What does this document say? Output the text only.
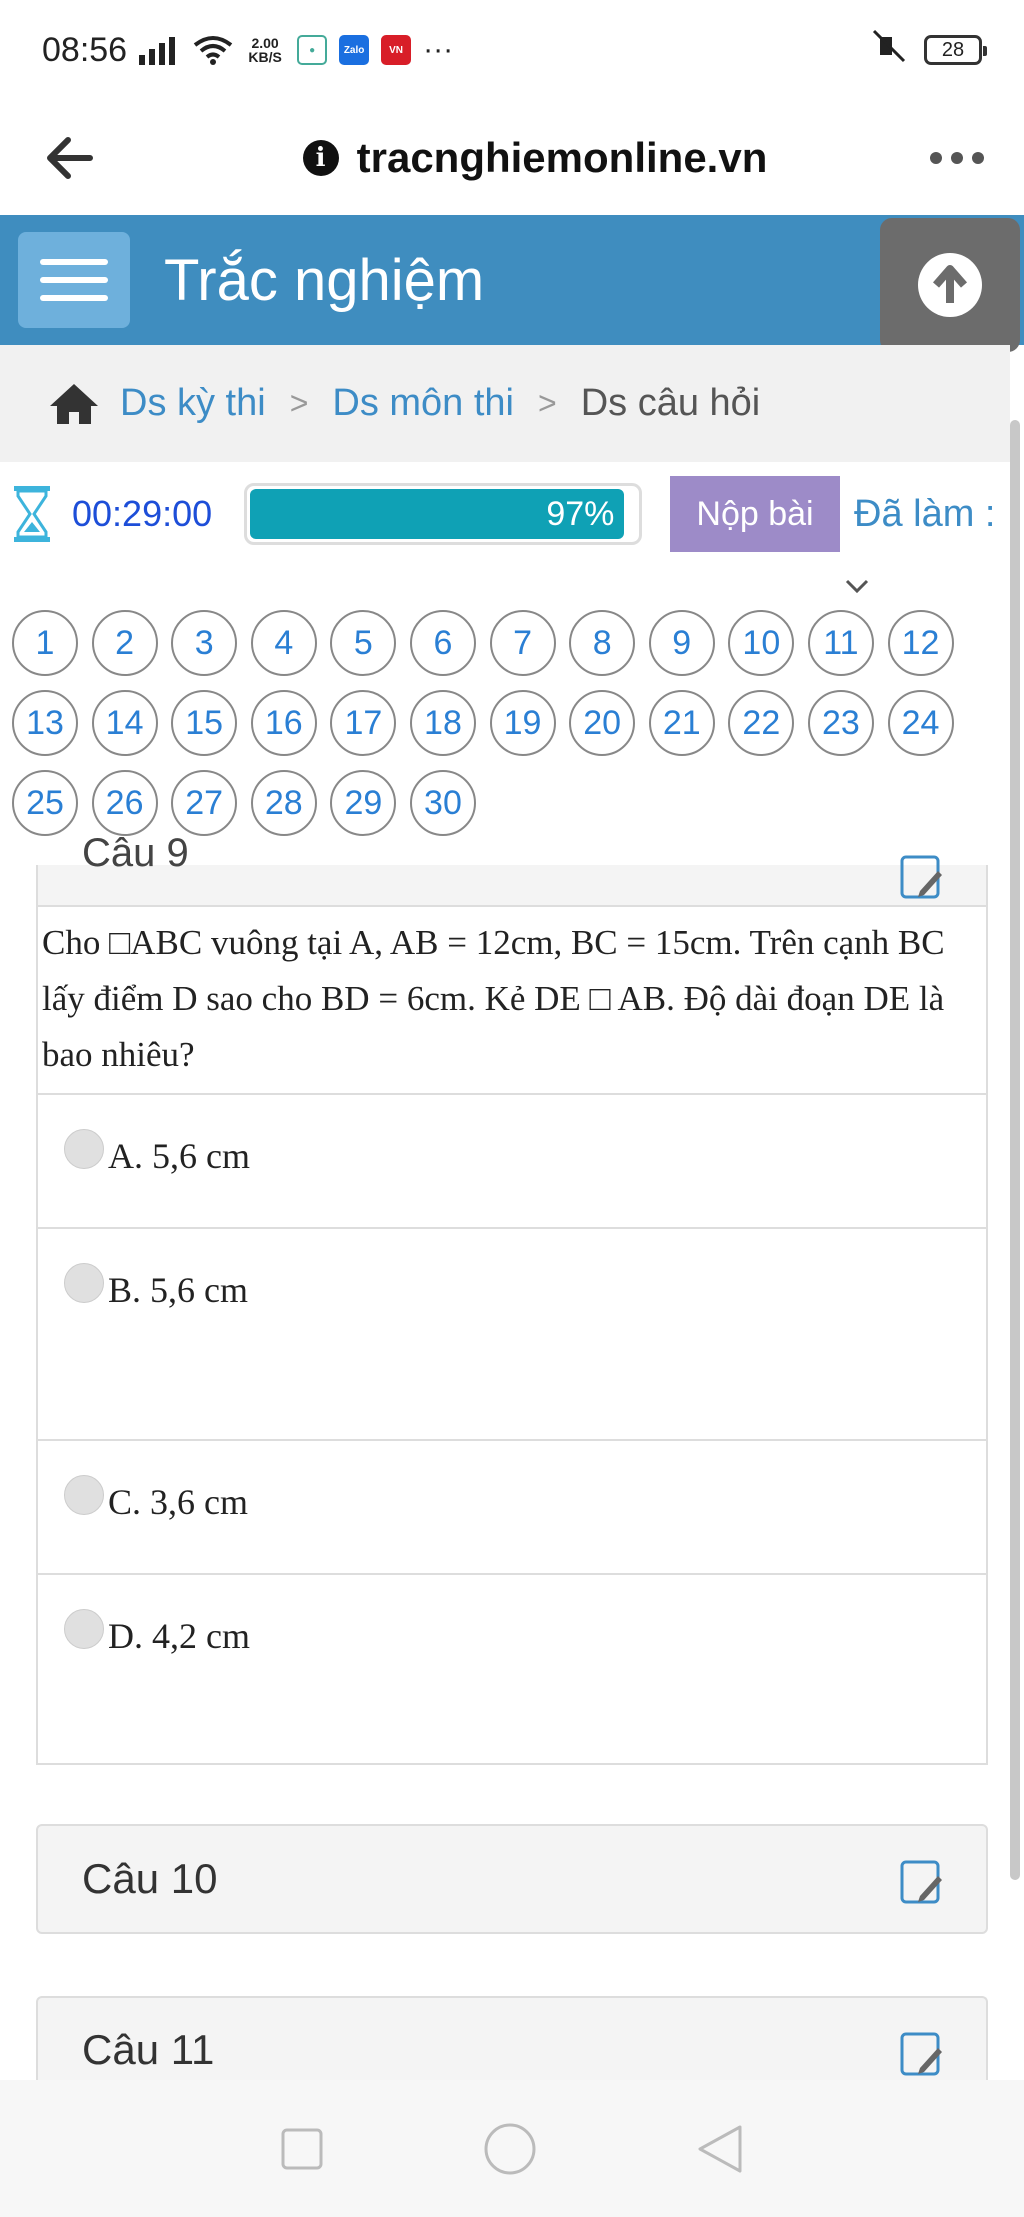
08:56	2.00
KB/S	●	Zalo	VN ···	28
i tracnghiemonline.vn
Trắc nghiệm
Ds kỳ thi > Ds môn thi > Ds câu hỏi
00:29:00	97%	Nộp bài	Đã làm :
1	2	3	4	5	6	7	8	9	10	11	12
13	14	15	16	17	18	19	20	21	22	23	24
25	26	27	28	29	30
Câu 9
Cho □ABC vuông tại A, AB = 12cm, BC = 15cm. Trên cạnh BC lấy điểm D sao cho BD = 6cm. Kẻ DE □ AB. Độ dài đoạn DE là bao nhiêu?
A. 5,6 cm
B. 5,6 cm
C. 3,6 cm
D. 4,2 cm
Câu 10
Câu 11
